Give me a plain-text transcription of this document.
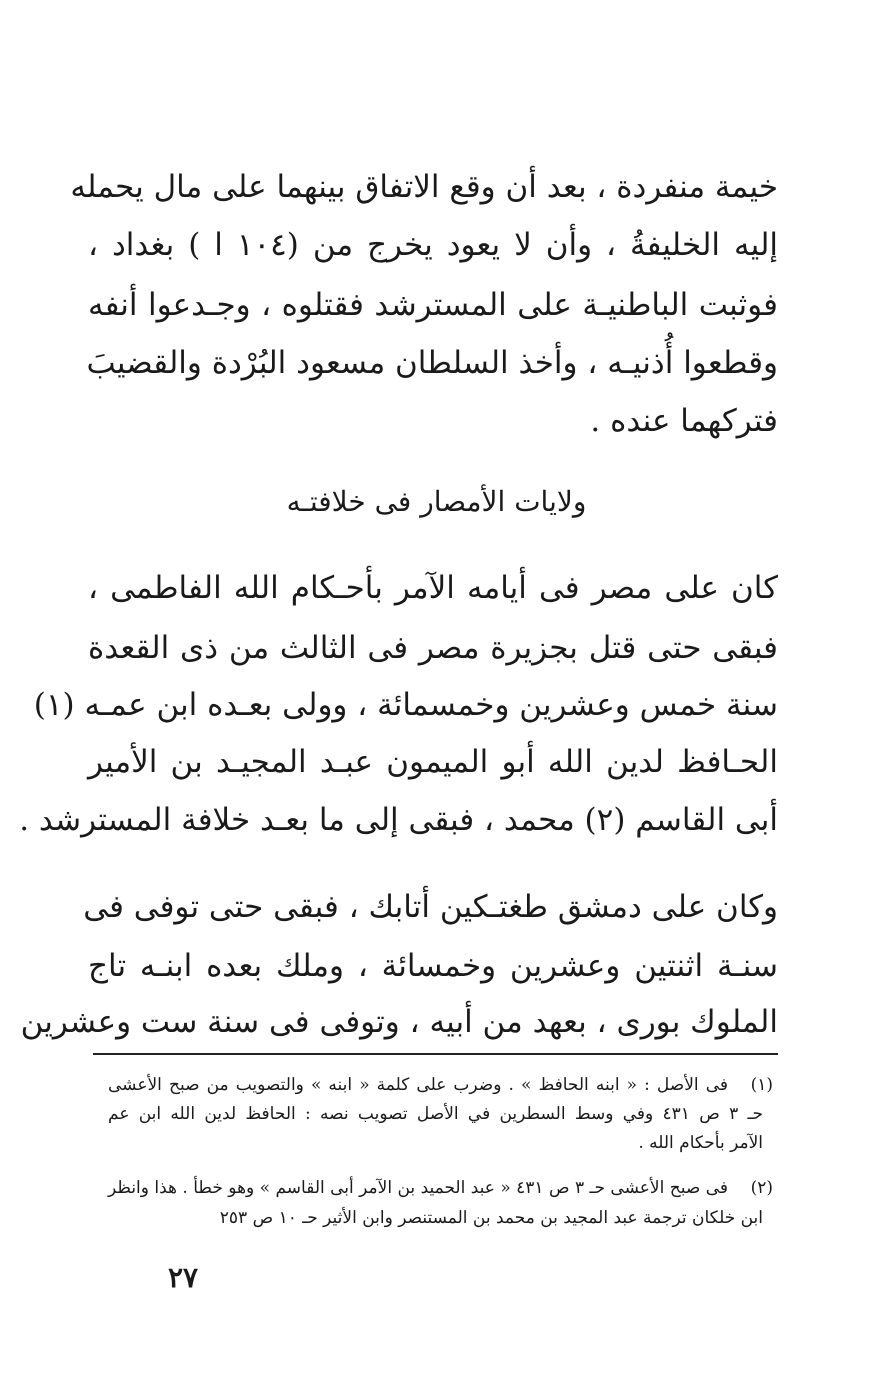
خيمة منفردة ، بعد أن وقع الاتفاق بينهما على مال يحمله
إليه الخليفةُ ، وأن لا يعود يخرج من (١٠٤ ا ) بغداد ،
فوثبت الباطنيـة على المسترشد فقتلوه ، وجـدعوا أنفه
وقطعوا أُذنيـه ، وأخذ السلطان مسعود البُرْدة والقضيبَ
فتركهما عنده .
ولايات الأمصار فى خلافتـه
كان على مصر فى أيامه الآمر بأحـكام الله الفاطمى ،
فبقى حتى قتل بجزيرة مصر فى الثالث من ذى القعدة
سنة خمس وعشرين وخمسمائة ، وولى بعـده ابن عمـه (١)
الحـافظ لدين الله أبو الميمون عبـد المجيـد بن الأمير
أبى القاسم (٢) محمد ، فبقى إلى ما بعـد خلافة المسترشد .
وكان على دمشق طغتـكين أتابك ، فبقى حتى توفى فى
سنـة اثنتين وعشرين وخمسائة ، وملك بعده ابنـه تاج
الملوك بورى ، بعهد من أبيه ، وتوفى فى سنة ست وعشرين
(١)
فى الأصل : « ابنه الحافظ » . وضرب على كلمة « ابنه » والتصويب من صبح الأعشى
حـ ٣ ص ٤٣١ وفي وسط السطرين في الأصل تصويب نصه : الحافظ لدين الله ابن عم
الآمر بأحكام الله .
(٢)
فى صبح الأعشى حـ ٣ ص ٤٣١ « عبد الحميد بن الآمر أبى القاسم » وهو خطأ . هذا وانظر
ابن خلكان ترجمة عبد المجيد بن محمد بن المستنصر وابن الأثير حـ ١٠ ص ٢٥٣
٢٧
